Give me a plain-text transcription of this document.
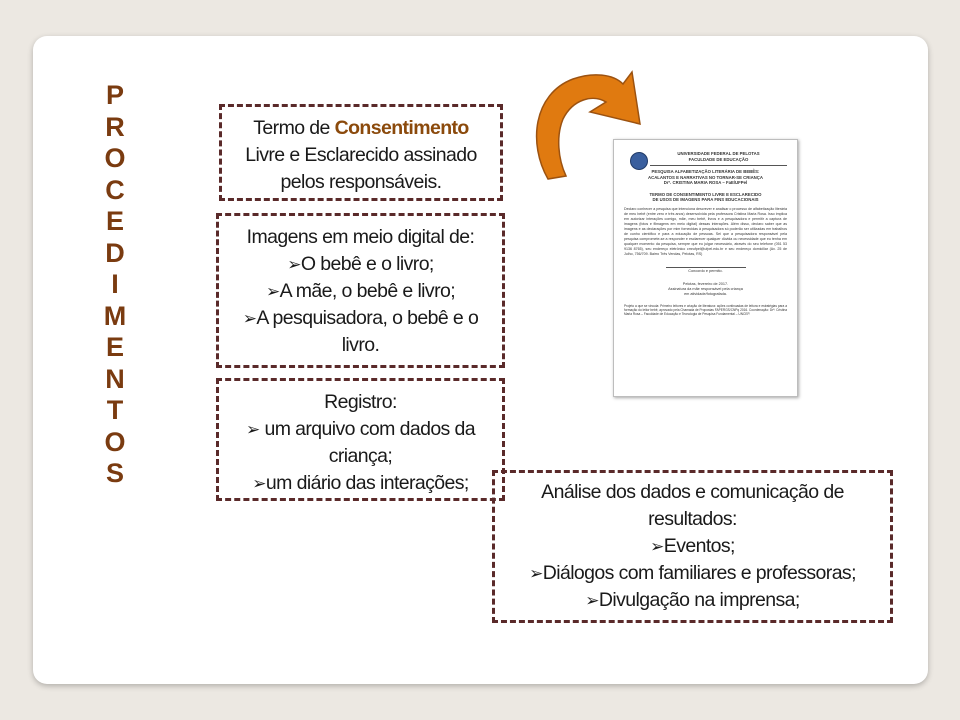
P
R
O
C
E
D
I
M
E
N
T
O
S
Termo de Consentimento
Livre e Esclarecido assinado
pelos responsáveis.
Imagens em meio digital de:
➢O bebê e o livro;
➢A mãe, o bebê e livro;
➢A pesquisadora, o bebê e o
livro.
Registro:
➢ um arquivo com dados da
criança;
➢um diário das interações;	Análise dos dados e comunicação de
resultados:
➢Eventos;
➢Diálogos com familiares e professoras;
➢Divulgação na imprensa;
UNIVERSIDADE FEDERAL DE PELOTAS
FACULDADE DE EDUCAÇÃO
PESQUISA ALFABETIZAÇÃO LITERÁRIA DE BEBÊS:
ACALANTOS E NARRATIVAS NO TORNAR-SE CRIANÇA
Drª. CRISTINA MARIA ROSA – FaE/UFPel
TERMO DE CONSENTIMENTO LIVRE E ESCLARECIDO
DE USOS DE IMAGENS PARA FINS EDUCACIONAIS
Declaro conhecer a pesquisa que intenciona descrever e analisar o processo de alfabetização literária de meu bebê (entre zero e três anos) desenvolvida pela professora Cristina Maria Rosa. Isso implica em autorizar interações comigo, mãe, meu bebê, livros e a pesquisadora e permitir a captura de imagens (fotos e filmagens em meio digital) dessas interações. Além disso, declaro saber que as imagens e as declarações por mim fornecidas à pesquisadora só poderão ser utilizadas em trabalhos de cunho científico e para a educação de pessoas. Sei que a pesquisadora responsável pela pesquisa compromete-se a responder e esclarecer qualquer dúvida ou necessidade que eu tenha em qualquer momento da pesquisa, sempre que eu julgar necessário, através do seu telefone (051 53 9136 8765), seu endereço eletrônico cmrufpel@ufpel.edu.br e seu endereço domiciliar (Av. 25 de Julho, 756/709. Bairro Três Vendas, Pelotas, RS)
Concordo e permito.
Pelotas, fevereiro de 2017.
Assinatura da mãe responsável pela criança
em atividade/fotografada.
Projeto a que se vincula: Primeiro leitores e criação de literatura: ações continuadas de leitura e estratégias para a formação do leitor bebê, aprovado pela Chamada de Propostas FAPERGS/CNPq 2016. Coordenação: Drª. Cristina Maria Rosa – Faculdade de Educação e Tecnologia de Pesquisa Fundamental – UNCEP.
